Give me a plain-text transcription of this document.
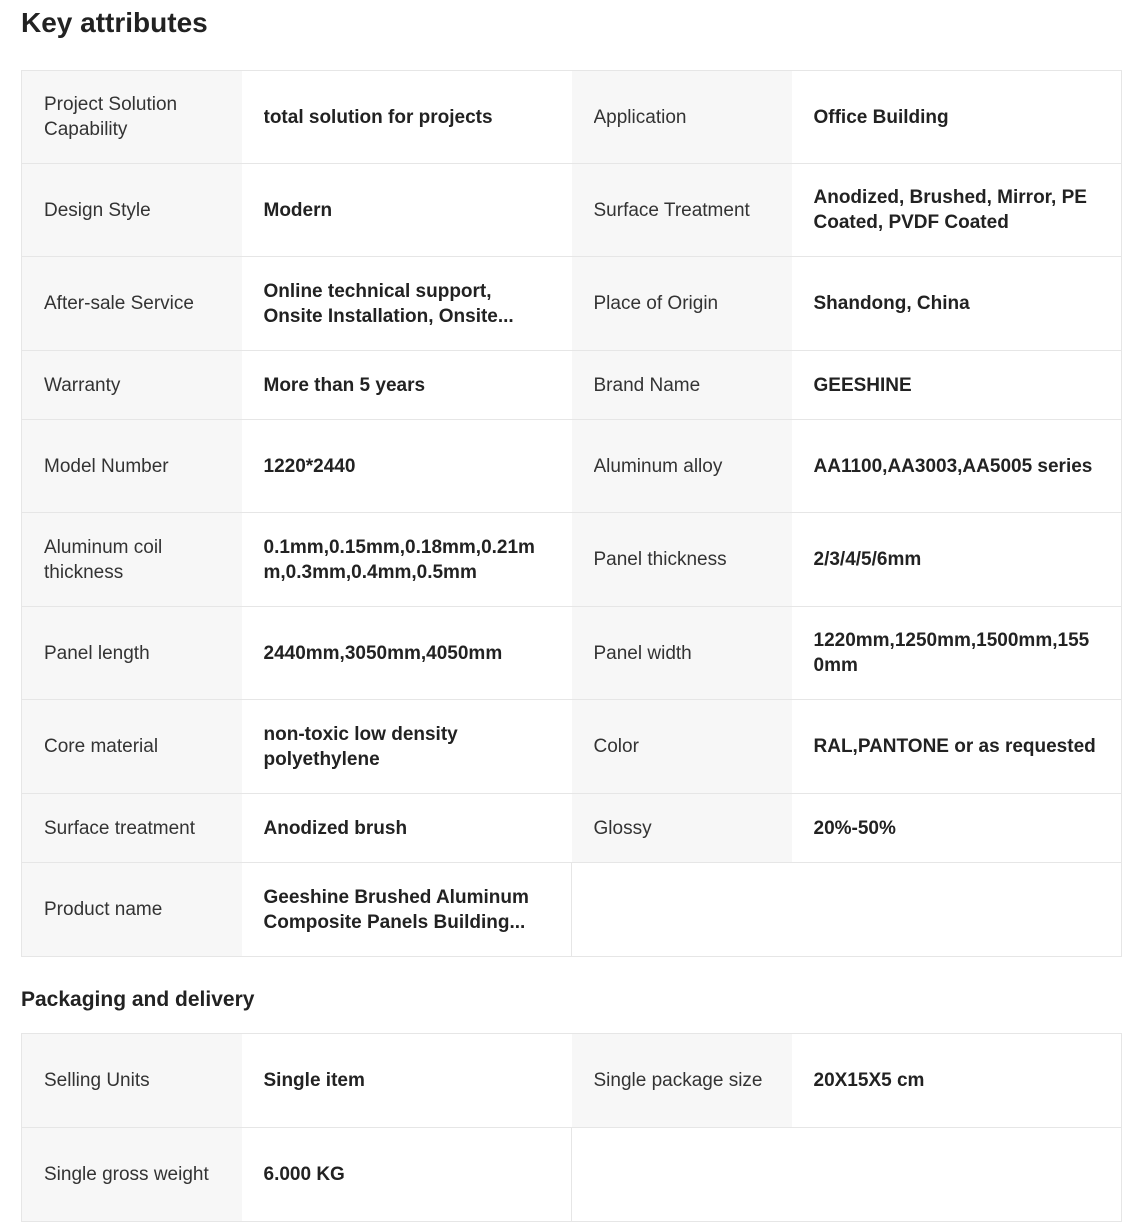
Key attributes
Project Solution Capability	total solution for projects	Application	Office Building

Design Style	Modern	Surface Treatment	Anodized, Brushed, Mirror, PE Coated, PVDF Coated

After-sale Service	Online technical support, Onsite Installation, Onsite...	Place of Origin	Shandong, China

Warranty	More than 5 years	Brand Name	GEESHINE

Model Number	1220*2440	Aluminum alloy	AA1100,AA3003,AA5005 series

Aluminum coil thickness	0.1mm,0.15mm,0.18mm,0.21mm,0.3mm,0.4mm,0.5mm	Panel thickness	2/3/4/5/6mm

Panel length	2440mm,3050mm,4050mm	Panel width	1220mm,1250mm,1500mm,1550mm

Core material	non-toxic low density polyethylene	Color	RAL,PANTONE or as requested

Surface treatment	Anodized brush	Glossy	20%-50%

Product name	Geeshine Brushed Aluminum Composite Panels Building...		

Packaging and delivery
Selling Units	Single item	Single package size	20X15X5 cm

Single gross weight	6.000 KG		
